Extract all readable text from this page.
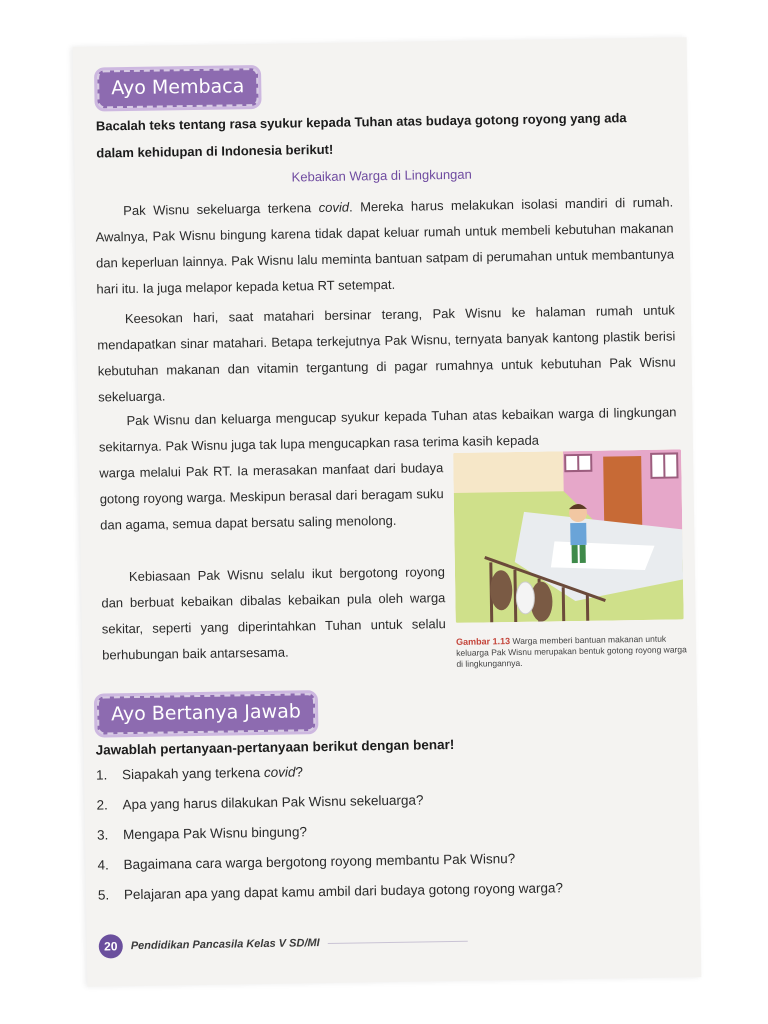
Ayo Membaca
Bacalah teks tentang rasa syukur kepada Tuhan atas budaya gotong royong yang ada dalam kehidupan di Indonesia berikut!
Kebaikan Warga di Lingkungan

Pak Wisnu sekeluarga terkena covid. Mereka harus melakukan isolasi mandiri di rumah. Awalnya, Pak Wisnu bingung karena tidak dapat keluar rumah untuk membeli kebutuhan makanan dan keperluan lainnya. Pak Wisnu lalu meminta bantuan satpam di perumahan untuk membantunya hari itu. Ia juga melapor kepada ketua RT setempat.

Keesokan hari, saat matahari bersinar terang, Pak Wisnu ke halaman rumah untuk mendapatkan sinar matahari. Betapa terkejutnya Pak Wisnu, ternyata banyak kantong plastik berisi kebutuhan makanan dan vitamin tergantung di pagar rumahnya untuk kebutuhan Pak Wisnu sekeluarga.

Pak Wisnu dan keluarga mengucap syukur kepada Tuhan atas kebaikan warga di lingkungan sekitarnya. Pak Wisnu juga tak lupa mengucapkan rasa terima kasih kepada

warga melalui Pak RT. Ia merasakan manfaat dari budaya gotong royong warga. Meskipun berasal dari beragam suku dan agama, semua dapat bersatu saling menolong.

Kebiasaan Pak Wisnu selalu ikut bergotong royong dan berbuat kebaikan dibalas kebaikan pula oleh warga sekitar, seperti yang diperintahkan Tuhan untuk selalu berhubungan baik antarsesama.

Gambar 1.13 Warga memberi bantuan makanan untuk keluarga Pak Wisnu merupakan bentuk gotong royong warga di lingkungannya.
Ayo Bertanya Jawab
Jawablah pertanyaan-pertanyaan berikut dengan benar!
1. Siapakah yang terkena covid?
2. Apa yang harus dilakukan Pak Wisnu sekeluarga?
3. Mengapa Pak Wisnu bingung?
4. Bagaimana cara warga bergotong royong membantu Pak Wisnu?
5. Pelajaran apa yang dapat kamu ambil dari budaya gotong royong warga?
20	Pendidikan Pancasila Kelas V SD/MI
